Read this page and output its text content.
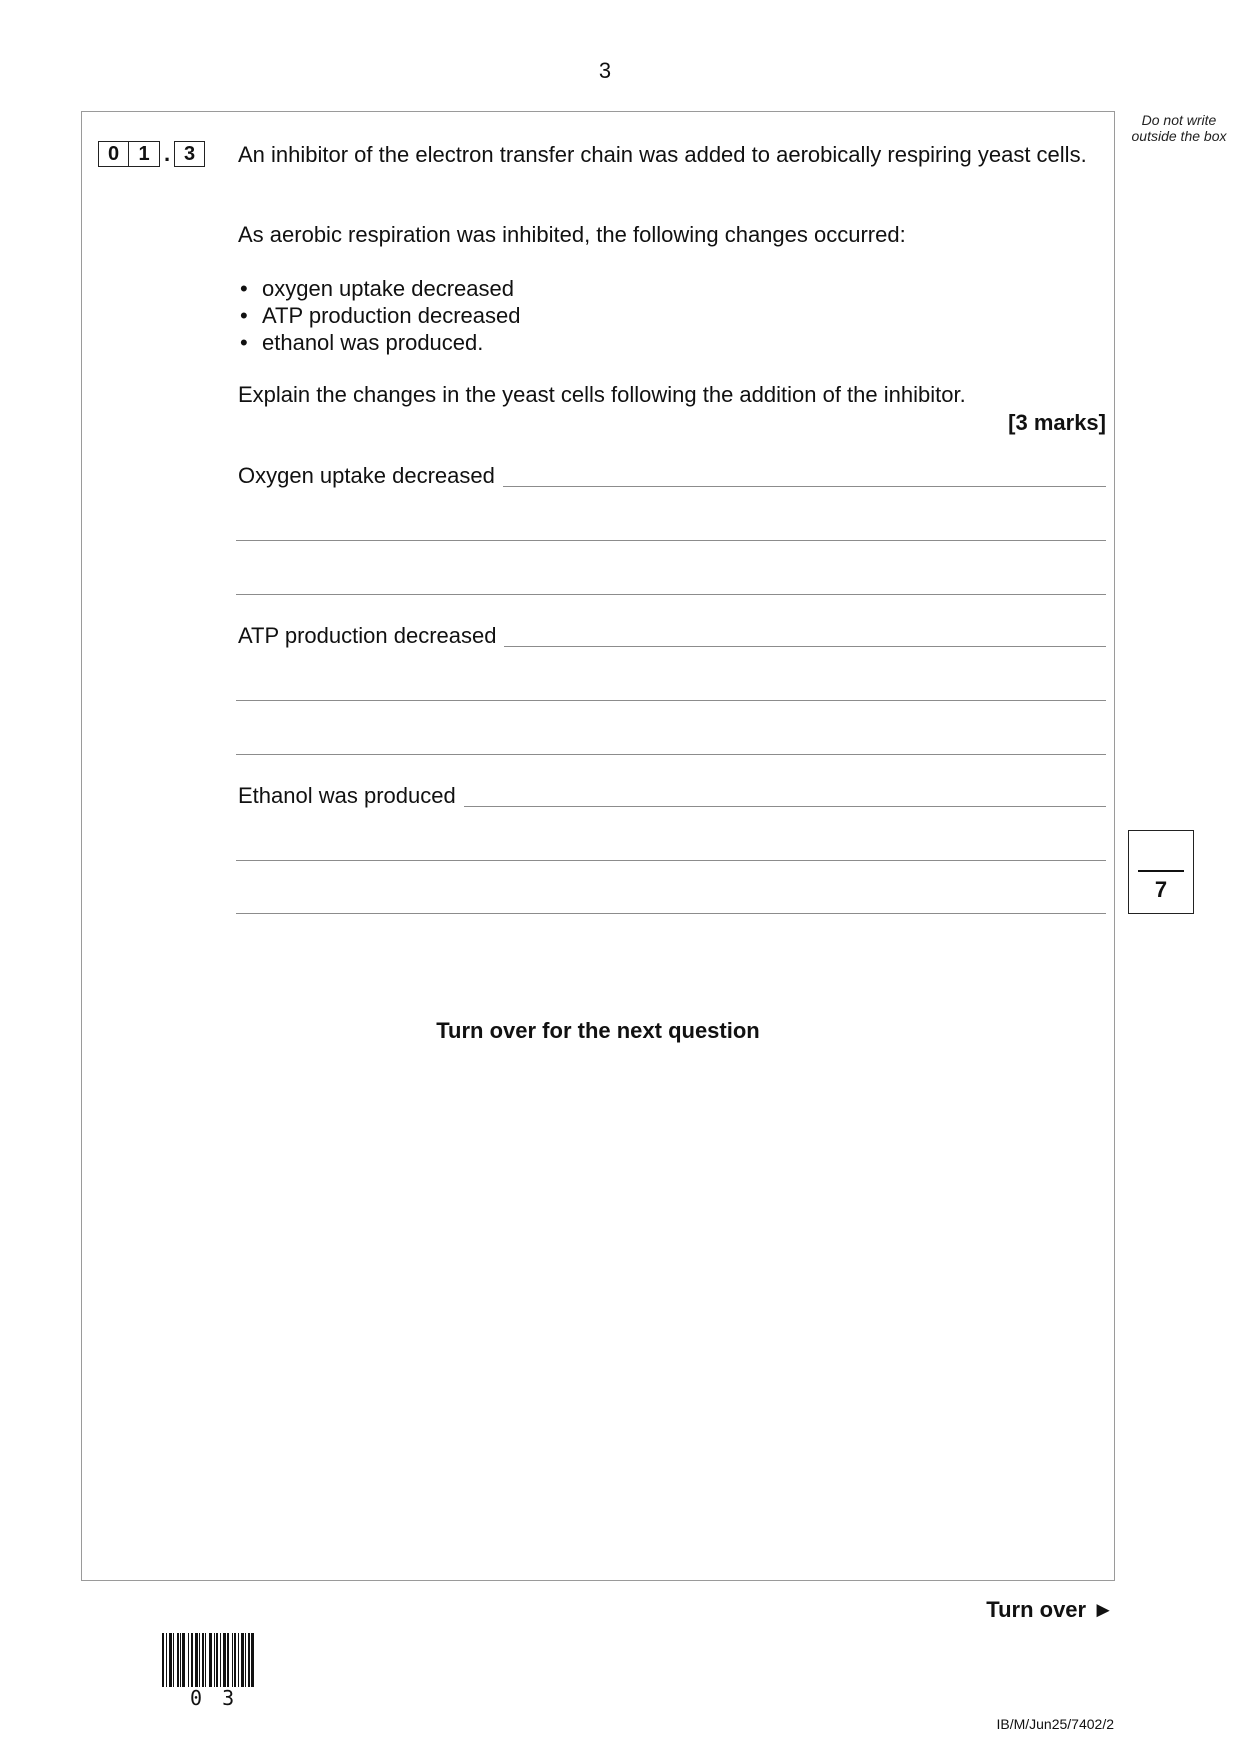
3
Do not write outside the box
0 1 . 3	An inhibitor of the electron transfer chain was added to aerobically respiring yeast cells.
As aerobic respiration was inhibited, the following changes occurred:
• oxygen uptake decreased
• ATP production decreased
• ethanol was produced.
Explain the changes in the yeast cells following the addition of the inhibitor.
[3 marks]
Oxygen uptake decreased
ATP production decreased
Ethanol was produced
7
Turn over for the next question
Turn over ►
0 3
IB/M/Jun25/7402/2
